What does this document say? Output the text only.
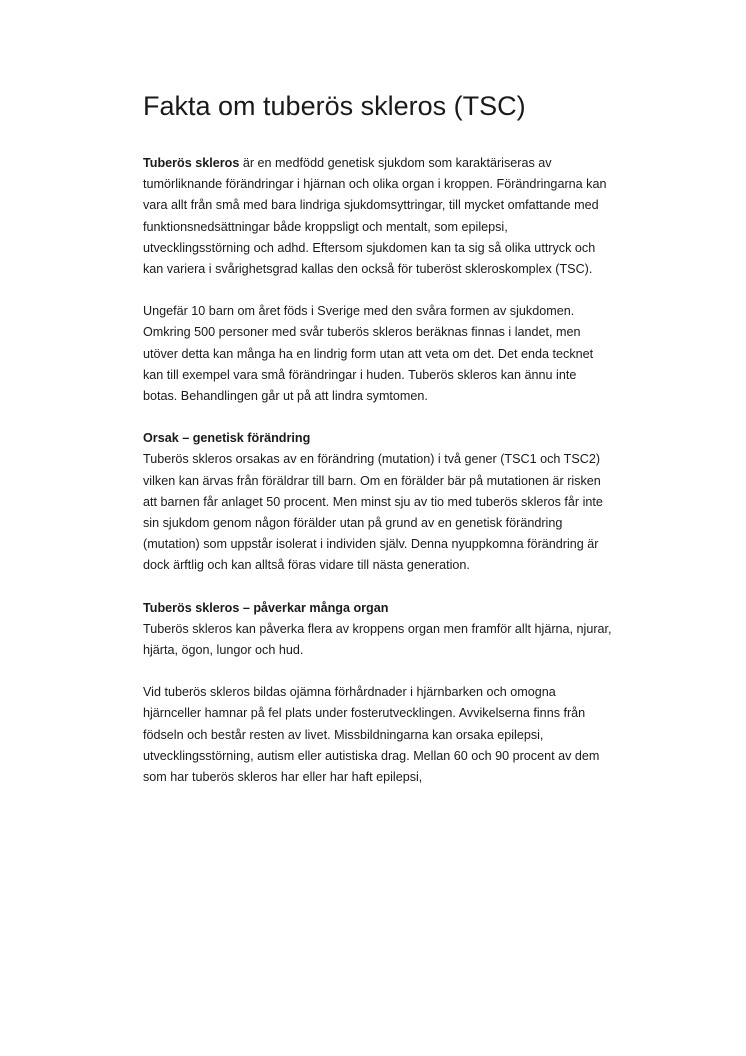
Fakta om tuberös skleros (TSC)

Tuberös skleros är en medfödd genetisk sjukdom som karaktäriseras av tumörliknande förändringar i hjärnan och olika organ i kroppen. Förändringarna kan vara allt från små med bara lindriga sjukdomsyttringar, till mycket omfattande med funktionsnedsättningar både kroppsligt och mentalt, som epilepsi, utvecklingsstörning och adhd. Eftersom sjukdomen kan ta sig så olika uttryck och kan variera i svårighetsgrad kallas den också för tuberöst skleroskomplex (TSC).

Ungefär 10 barn om året föds i Sverige med den svåra formen av sjukdomen. Omkring 500 personer med svår tuberös skleros beräknas finnas i landet, men utöver detta kan många ha en lindrig form utan att veta om det. Det enda tecknet kan till exempel vara små förändringar i huden. Tuberös skleros kan ännu inte botas. Behandlingen går ut på att lindra symtomen.

Orsak – genetisk förändring
Tuberös skleros orsakas av en förändring (mutation) i två gener (TSC1 och TSC2) vilken kan ärvas från föräldrar till barn. Om en förälder bär på mutationen är risken att barnen får anlaget 50 procent. Men minst sju av tio med tuberös skleros får inte sin sjukdom genom någon förälder utan på grund av en genetisk förändring (mutation) som uppstår isolerat i individen själv. Denna nyuppkomna förändring är dock ärftlig och kan alltså föras vidare till nästa generation.

Tuberös skleros – påverkar många organ
Tuberös skleros kan påverka flera av kroppens organ men framför allt hjärna, njurar, hjärta, ögon, lungor och hud.

Vid tuberös skleros bildas ojämna förhårdnader i hjärnbarken och omogna hjärnceller hamnar på fel plats under fosterutvecklingen. Avvikelserna finns från födseln och består resten av livet. Missbildningarna kan orsaka epilepsi, utvecklingsstörning, autism eller autistiska drag. Mellan 60 och 90 procent av dem som har tuberös skleros har eller har haft epilepsi,
